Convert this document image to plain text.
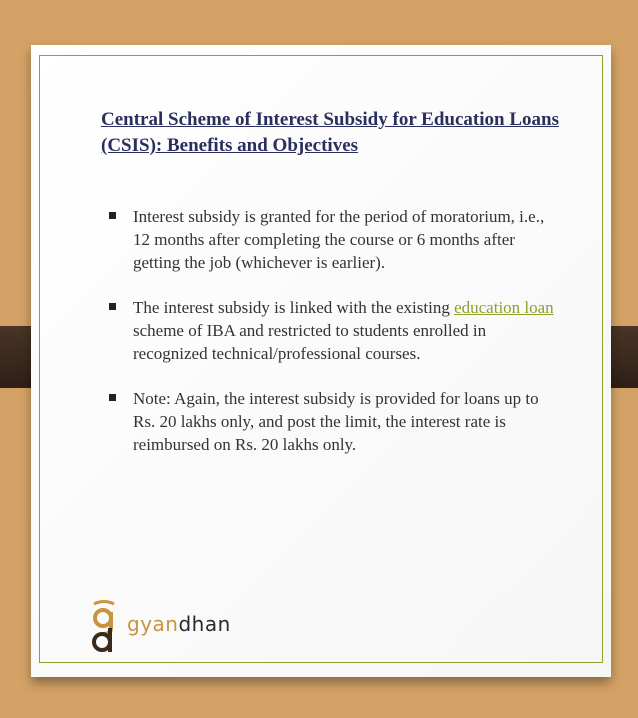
Central Scheme of Interest Subsidy for Education Loans (CSIS): Benefits and Objectives
Interest subsidy is granted for the period of moratorium, i.e., 12 months after completing the course or 6 months after getting the job (whichever is earlier).
The interest subsidy is linked with the existing education loan scheme of IBA and restricted to students enrolled in recognized technical/professional courses.
Note: Again, the interest subsidy is provided for loans up to Rs. 20 lakhs only, and post the limit, the interest rate is reimbursed on Rs. 20 lakhs only.
gyandhan
